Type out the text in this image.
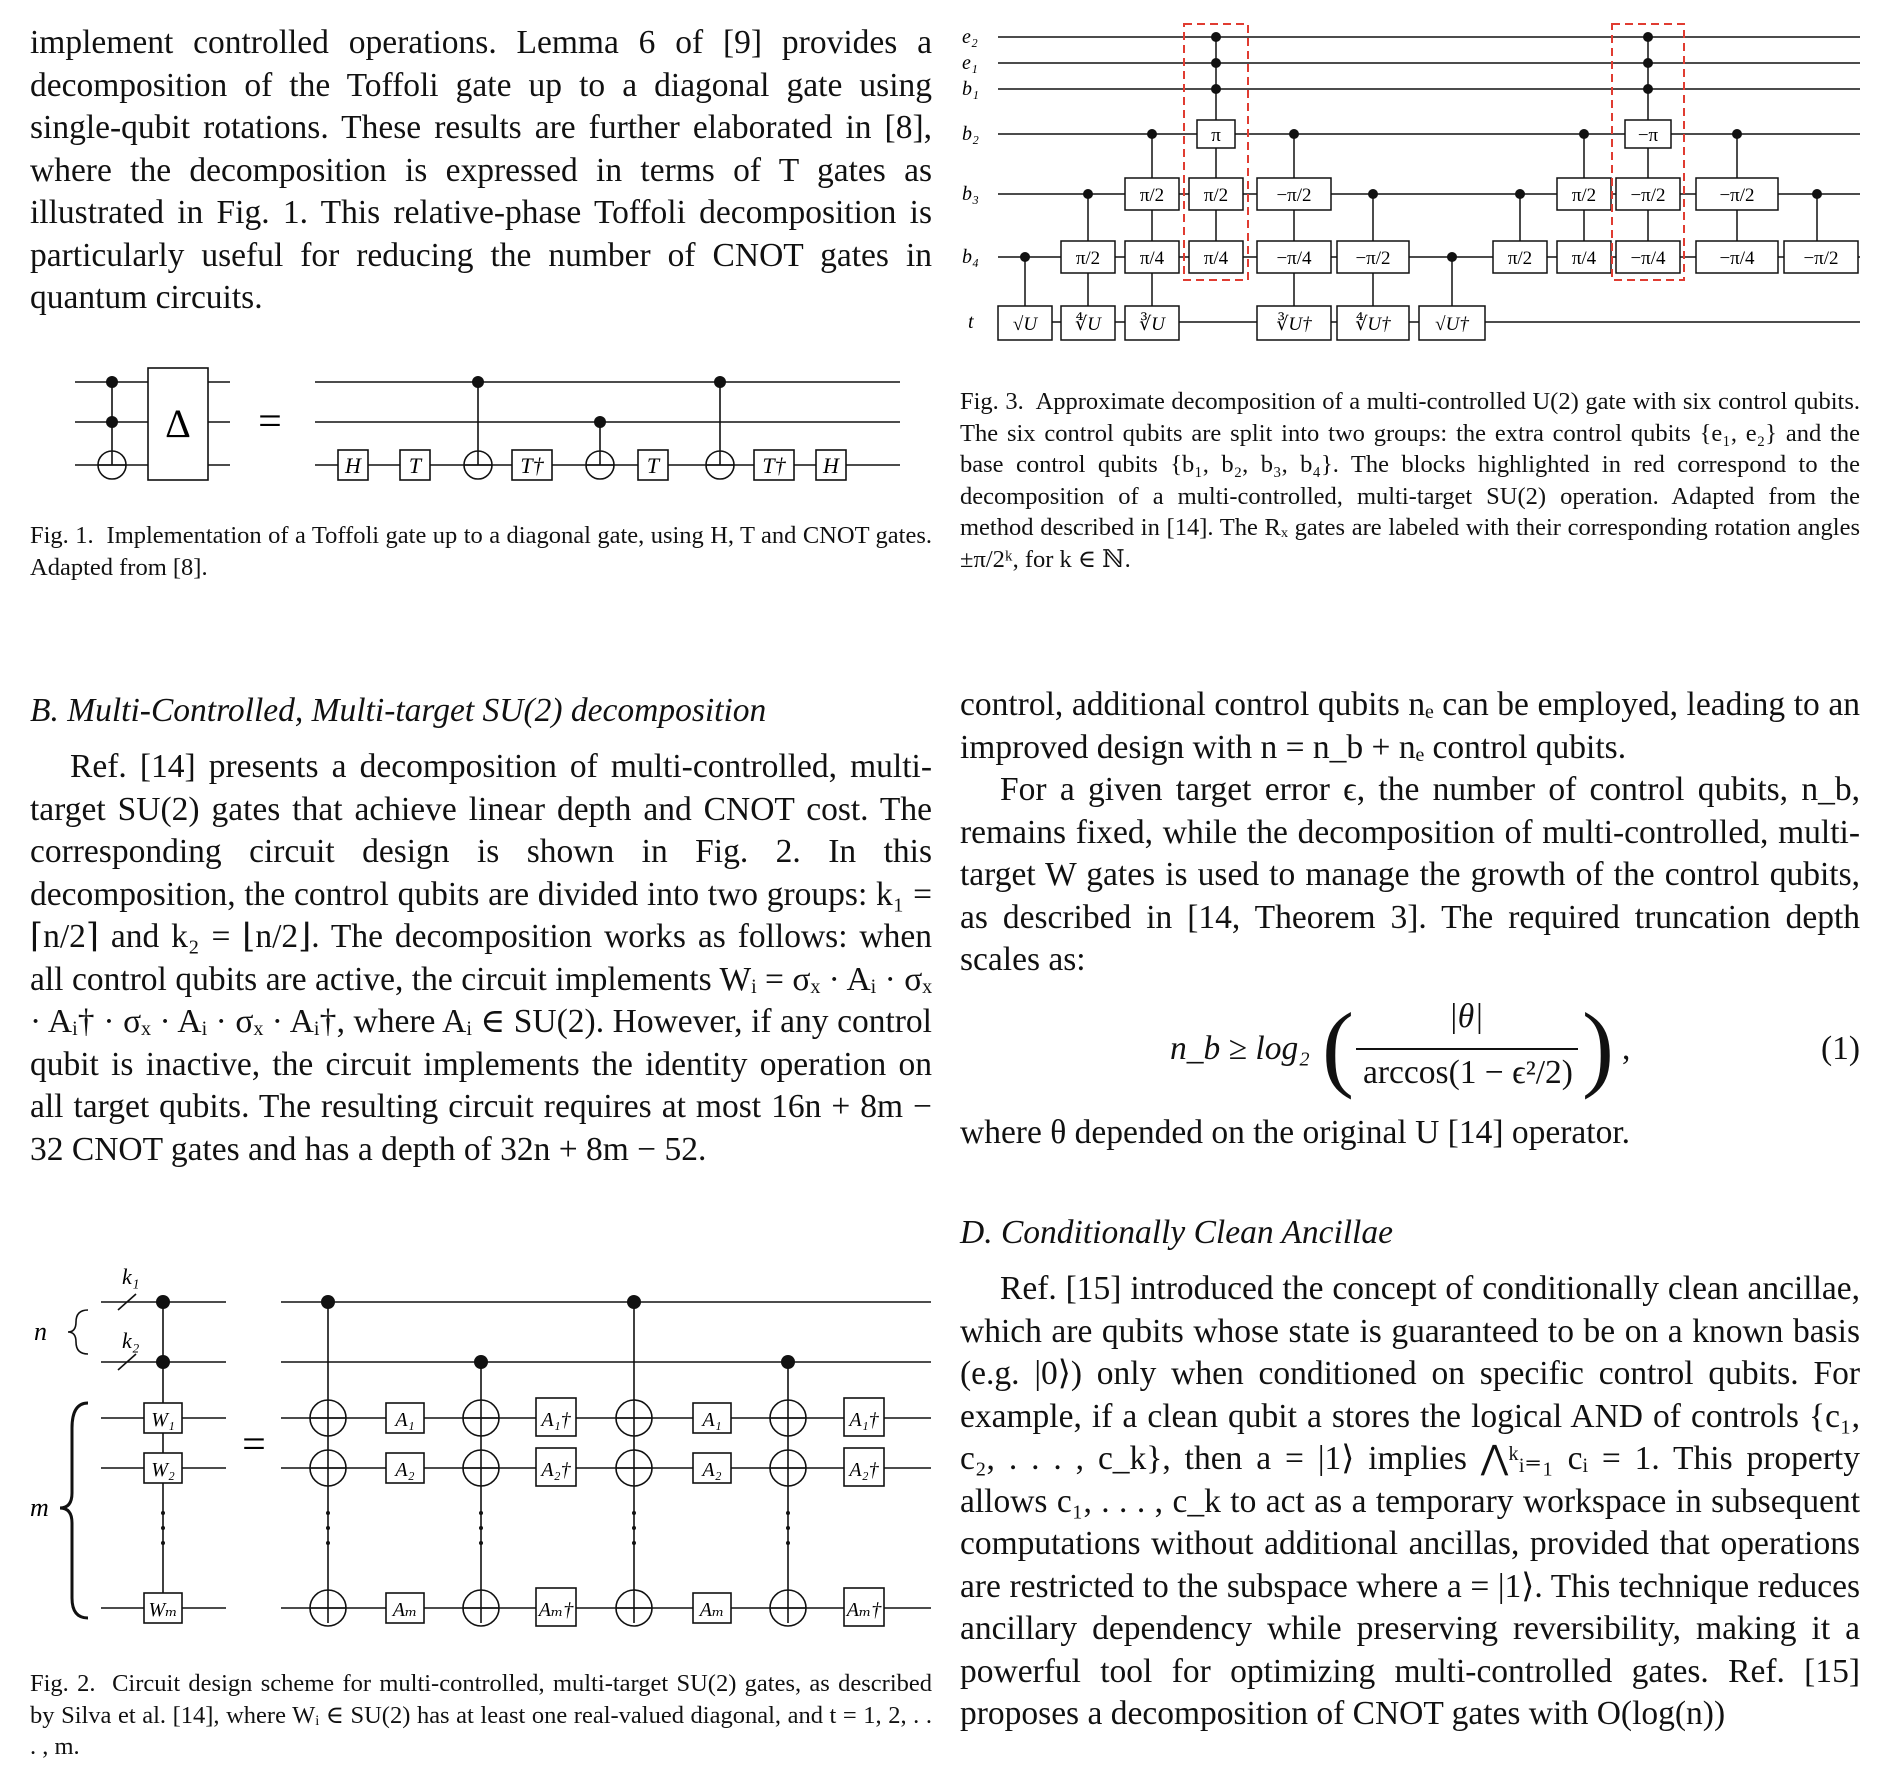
implement controlled operations. Lemma 6 of [9] provides a decomposition of the Toffoli gate up to a diagonal gate using single-qubit rotations. These results are further elaborated in [8], where the decomposition is expressed in terms of T gates as illustrated in Fig. 1. This relative-phase Toffoli decomposition is particularly useful for reducing the number of CNOT gates in quantum circuits.

Δ =
H T	T†	T	T† H

Fig. 1. Implementation of a Toffoli gate up to a diagonal gate, using H, T and CNOT gates. Adapted from [8].

B. Multi-Controlled, Multi-target SU(2) decomposition

Ref. [14] presents a decomposition of multi-controlled, multi-target SU(2) gates that achieve linear depth and CNOT cost. The corresponding circuit design is shown in Fig. 2. In this decomposition, the control qubits are divided into two groups: k₁ = ⌈n/2⌉ and k₂ = ⌊n/2⌋. The decomposition works as follows: when all control qubits are active, the circuit implements Wᵢ = σₓ · Aᵢ · σₓ · Aᵢ† · σₓ · Aᵢ · σₓ · Aᵢ†, where Aᵢ ∈ SU(2). However, if any control qubit is inactive, the circuit implements the identity operation on all target qubits. The resulting circuit requires at most 16n + 8m − 32 CNOT gates and has a depth of 32n + 8m − 52.

k₁
k₂
n
m
W₁
W₂
Wₘ
=
A₁
A₂
Aₘ
A₁†
A₂†
Aₘ†
A₁
A₂
Aₘ
A₁†
A₂†
Aₘ†

Fig. 2. Circuit design scheme for multi-controlled, multi-target SU(2) gates, as described by Silva et al. [14], where Wᵢ ∈ SU(2) has at least one real-valued diagonal, and t = 1, 2, . . . , m.

e₂
e₁
b₁
b₂
b₃
b₄
t
π	−π
π/2 π/2	−π/2	π/2 −π/2	−π/2
π/2 π/4 π/4	−π/4 −π/2	π/2 π/4 −π/4	−π/4	−π/2
√U ∜U ∛U	∛U† ∜U† √U†

Fig. 3. Approximate decomposition of a multi-controlled U(2) gate with six control qubits. The six control qubits are split into two groups: the extra control qubits {e₁, e₂} and the base control qubits {b₁, b₂, b₃, b₄}. The blocks highlighted in red correspond to the decomposition of a multi-controlled, multi-target SU(2) operation. Adapted from the method described in [14]. The Rₓ gates are labeled with their corresponding rotation angles ±π/2ᵏ, for k ∈ ℕ.

control, additional control qubits nₑ can be employed, leading to an improved design with n = n_b + nₑ control qubits.

For a given target error ϵ, the number of control qubits, n_b, remains fixed, while the decomposition of multi-controlled, multi-target W gates is used to manage the growth of the control qubits, as described in [14, Theorem 3]. The required truncation depth scales as:

n_b ≥ log₂ (	|θ|
arccos(1 − ϵ²/2) ) ,	(1)

where θ depended on the original U [14] operator.

D. Conditionally Clean Ancillae

Ref. [15] introduced the concept of conditionally clean ancillae, which are qubits whose state is guaranteed to be on a known basis (e.g. |0⟩) only when conditioned on specific control qubits. For example, if a clean qubit a stores the logical AND of controls {c₁, c₂, . . . , c_k}, then a = |1⟩ implies ⋀ᵏᵢ₌₁ cᵢ = 1. This property allows c₁, . . . , c_k to act as a temporary workspace in subsequent computations without additional ancillas, provided that operations are restricted to the subspace where a = |1⟩. This technique reduces ancillary dependency while preserving reversibility, making it a powerful tool for optimizing multi-controlled gates. Ref. [15] proposes a decomposition of CNOT gates with O(log(n))
